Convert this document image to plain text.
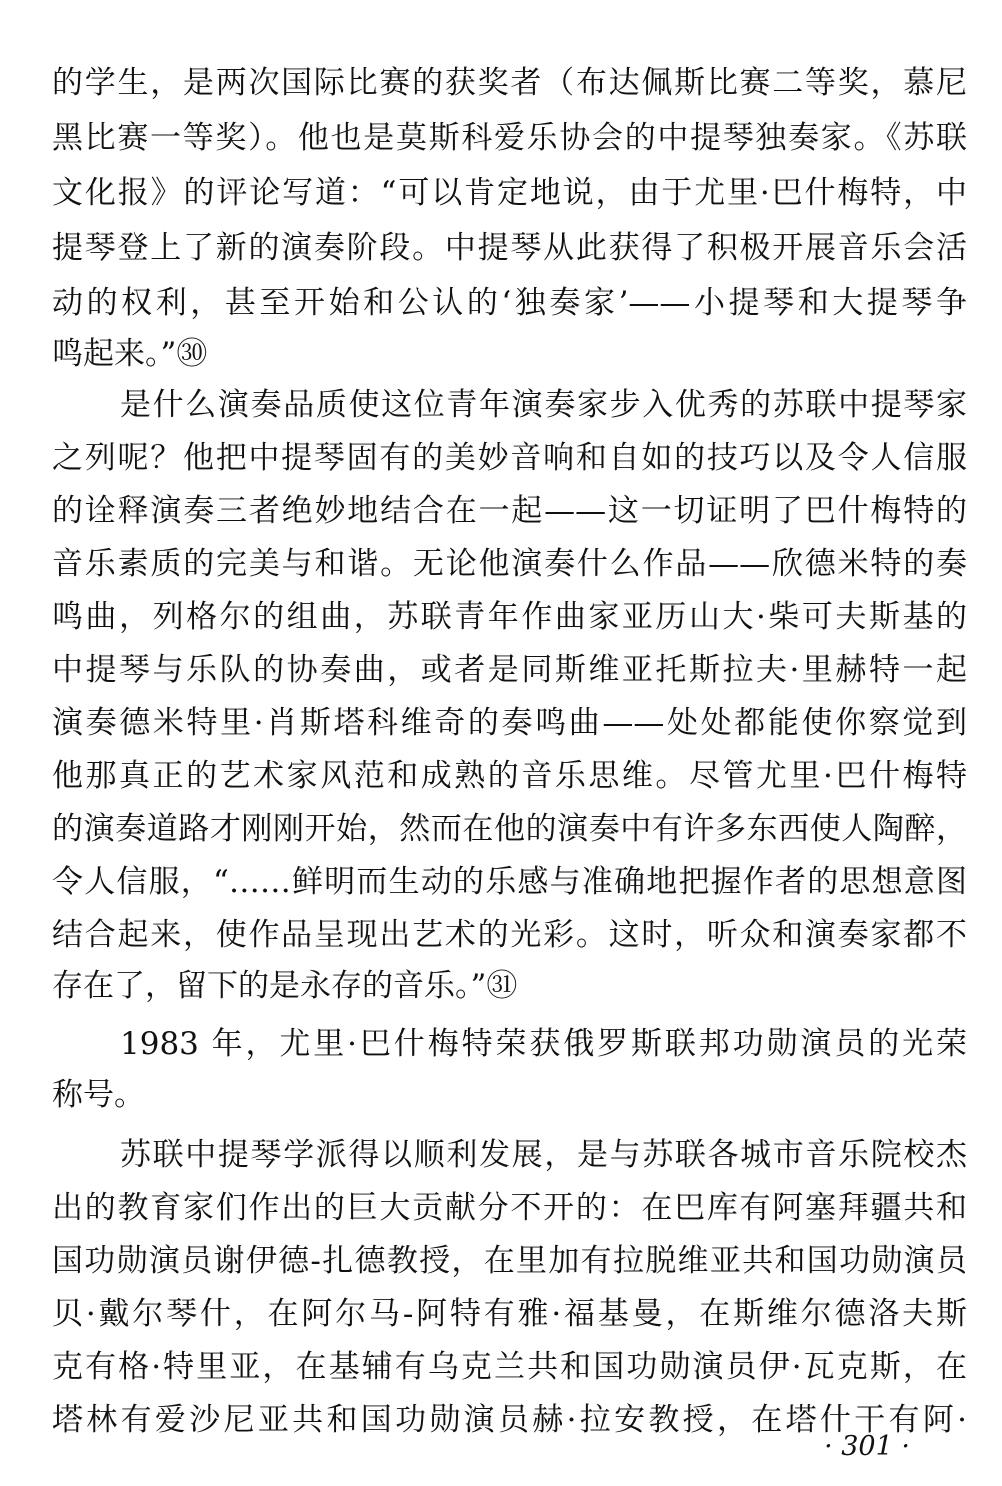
的学生，是两次国际比赛的获奖者（布达佩斯比赛二等奖，慕尼
黑比赛一等奖）。他也是莫斯科爱乐协会的中提琴独奏家。《苏联
文化报》的评论写道：“可以肯定地说，由于尤里·巴什梅特，中
提琴登上了新的演奏阶段。中提琴从此获得了积极开展音乐会活
动的权利，甚至开始和公认的‘独奏家’——小提琴和大提琴争
鸣起来。”㉚
是什么演奏品质使这位青年演奏家步入优秀的苏联中提琴家
之列呢？他把中提琴固有的美妙音响和自如的技巧以及令人信服
的诠释演奏三者绝妙地结合在一起——这一切证明了巴什梅特的
音乐素质的完美与和谐。无论他演奏什么作品——欣德米特的奏
鸣曲，列格尔的组曲，苏联青年作曲家亚历山大·柴可夫斯基的
中提琴与乐队的协奏曲，或者是同斯维亚托斯拉夫·里赫特一起
演奏德米特里·肖斯塔科维奇的奏鸣曲——处处都能使你察觉到
他那真正的艺术家风范和成熟的音乐思维。尽管尤里·巴什梅特
的演奏道路才刚刚开始，然而在他的演奏中有许多东西使人陶醉，
令人信服，“……鲜明而生动的乐感与准确地把握作者的思想意图
结合起来，使作品呈现出艺术的光彩。这时，听众和演奏家都不
存在了，留下的是永存的音乐。”㉛
1983 年，尤里·巴什梅特荣获俄罗斯联邦功勋演员的光荣
称号。
苏联中提琴学派得以顺利发展，是与苏联各城市音乐院校杰
出的教育家们作出的巨大贡献分不开的：在巴库有阿塞拜疆共和
国功勋演员谢伊德-扎德教授，在里加有拉脱维亚共和国功勋演员
贝·戴尔琴什，在阿尔马-阿特有雅·福基曼，在斯维尔德洛夫斯
克有格·特里亚，在基辅有乌克兰共和国功勋演员伊·瓦克斯，在
塔林有爱沙尼亚共和国功勋演员赫·拉安教授，在塔什干有阿·
· 301 ·
